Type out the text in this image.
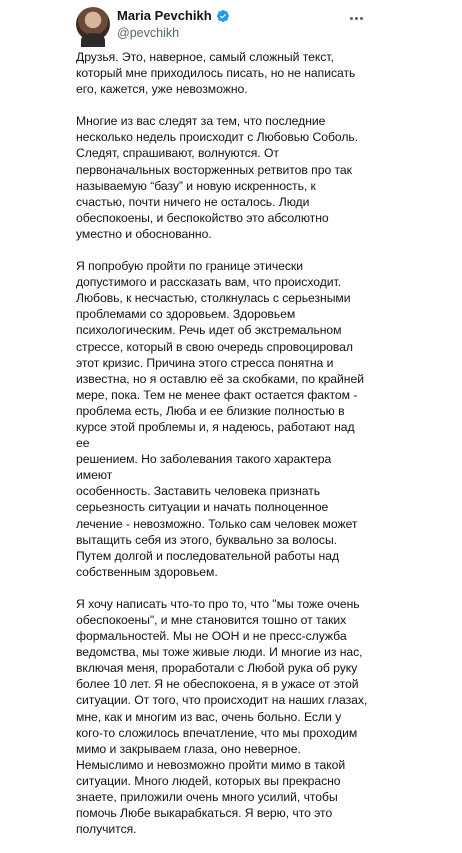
Maria Pevchikh
@pevchikh

Друзья. Это, наверное, самый сложный текст,
который мне приходилось писать, но не написать
его, кажется, уже невозможно.

Многие из вас следят за тем, что последние
несколько недель происходит с Любовью Соболь.
Следят, спрашивают, волнуются. От
первоначальных восторженных ретвитов про так
называемую “базу” и новую искренность, к
счастью, почти ничего не осталось. Люди
обеспокоены, и беспокойство это абсолютно
уместно и обоснованно.

Я попробую пройти по границе этически
допустимого и рассказать вам, что происходит.
Любовь, к несчастью, столкнулась с серьезными
проблемами со здоровьем. Здоровьем
психологическим. Речь идет об экстремальном
стрессе, который в свою очередь спровоцировал
этот кризис. Причина этого стресса понятна и
известна, но я оставлю её за скобками, по крайней
мере, пока. Тем не менее факт остается фактом -
проблема есть, Люба и ее близкие полностью в
курсе этой проблемы и, я надеюсь, работают над ее
решением. Но заболевания такого характера имеют
особенность. Заставить человека признать
серьезность ситуации и начать полноценное
лечение - невозможно. Только сам человек может
вытащить себя из этого, буквально за волосы.
Путем долгой и последовательной работы над
собственным здоровьем.

Я хочу написать что-то про то, что "мы тоже очень
обеспокоены", и мне становится тошно от таких
формальностей. Мы не ООН и не пресс-служба
ведомства, мы тоже живые люди. И многие из нас,
включая меня, проработали с Любой рука об руку
более 10 лет. Я не обеспокоена, я в ужасе от этой
ситуации. От того, что происходит на наших глазах,
мне, как и многим из вас, очень больно. Если у
кого-то сложилось впечатление, что мы проходим
мимо и закрываем глаза, оно неверное.
Немыслимо и невозможно пройти мимо в такой
ситуации. Много людей, которых вы прекрасно
знаете, приложили очень много усилий, чтобы
помочь Любе выкарабкаться. Я верю, что это
получится.
